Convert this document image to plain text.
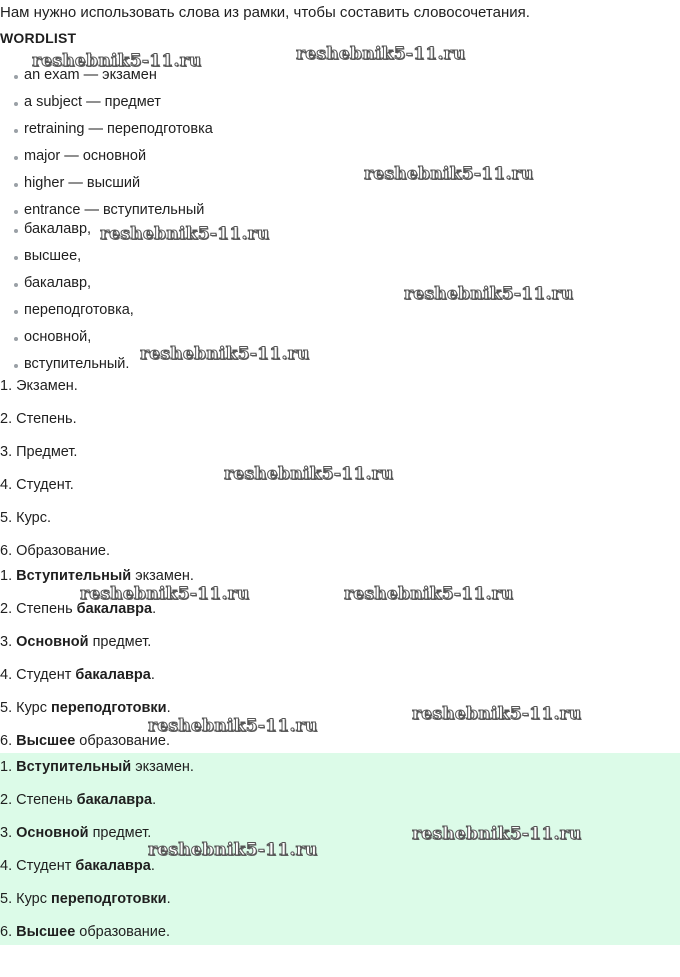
Нам нужно использовать слова из рамки, чтобы составить словосочетания.
WORDLIST
an exam — экзамен
a subject — предмет
retraining — переподготовка
major — основной
higher — высший
entrance — вступительный
бакалавр,
высшее,
бакалавр,
переподготовка,
основной,
вступительный.
1. Экзамен.
2. Степень.
3. Предмет.
4. Студент.
5. Курс.
6. Образование.
1. Вступительный экзамен.
2. Степень бакалавра.
3. Основной предмет.
4. Студент бакалавра.
5. Курс переподготовки.
6. Высшее образование.
1. Вступительный экзамен.
2. Степень бакалавра.
3. Основной предмет.
4. Студент бакалавра.
5. Курс переподготовки.
6. Высшее образование.
reshebnik5-11.ru	reshebnik5-11.ru
reshebnik5-11.ru
reshebnik5-11.ru
reshebnik5-11.ru
reshebnik5-11.ru
reshebnik5-11.ru
reshebnik5-11.ru	reshebnik5-11.ru
reshebnik5-11.ru
reshebnik5-11.ru
reshebnik5-11.ru
reshebnik5-11.ru
